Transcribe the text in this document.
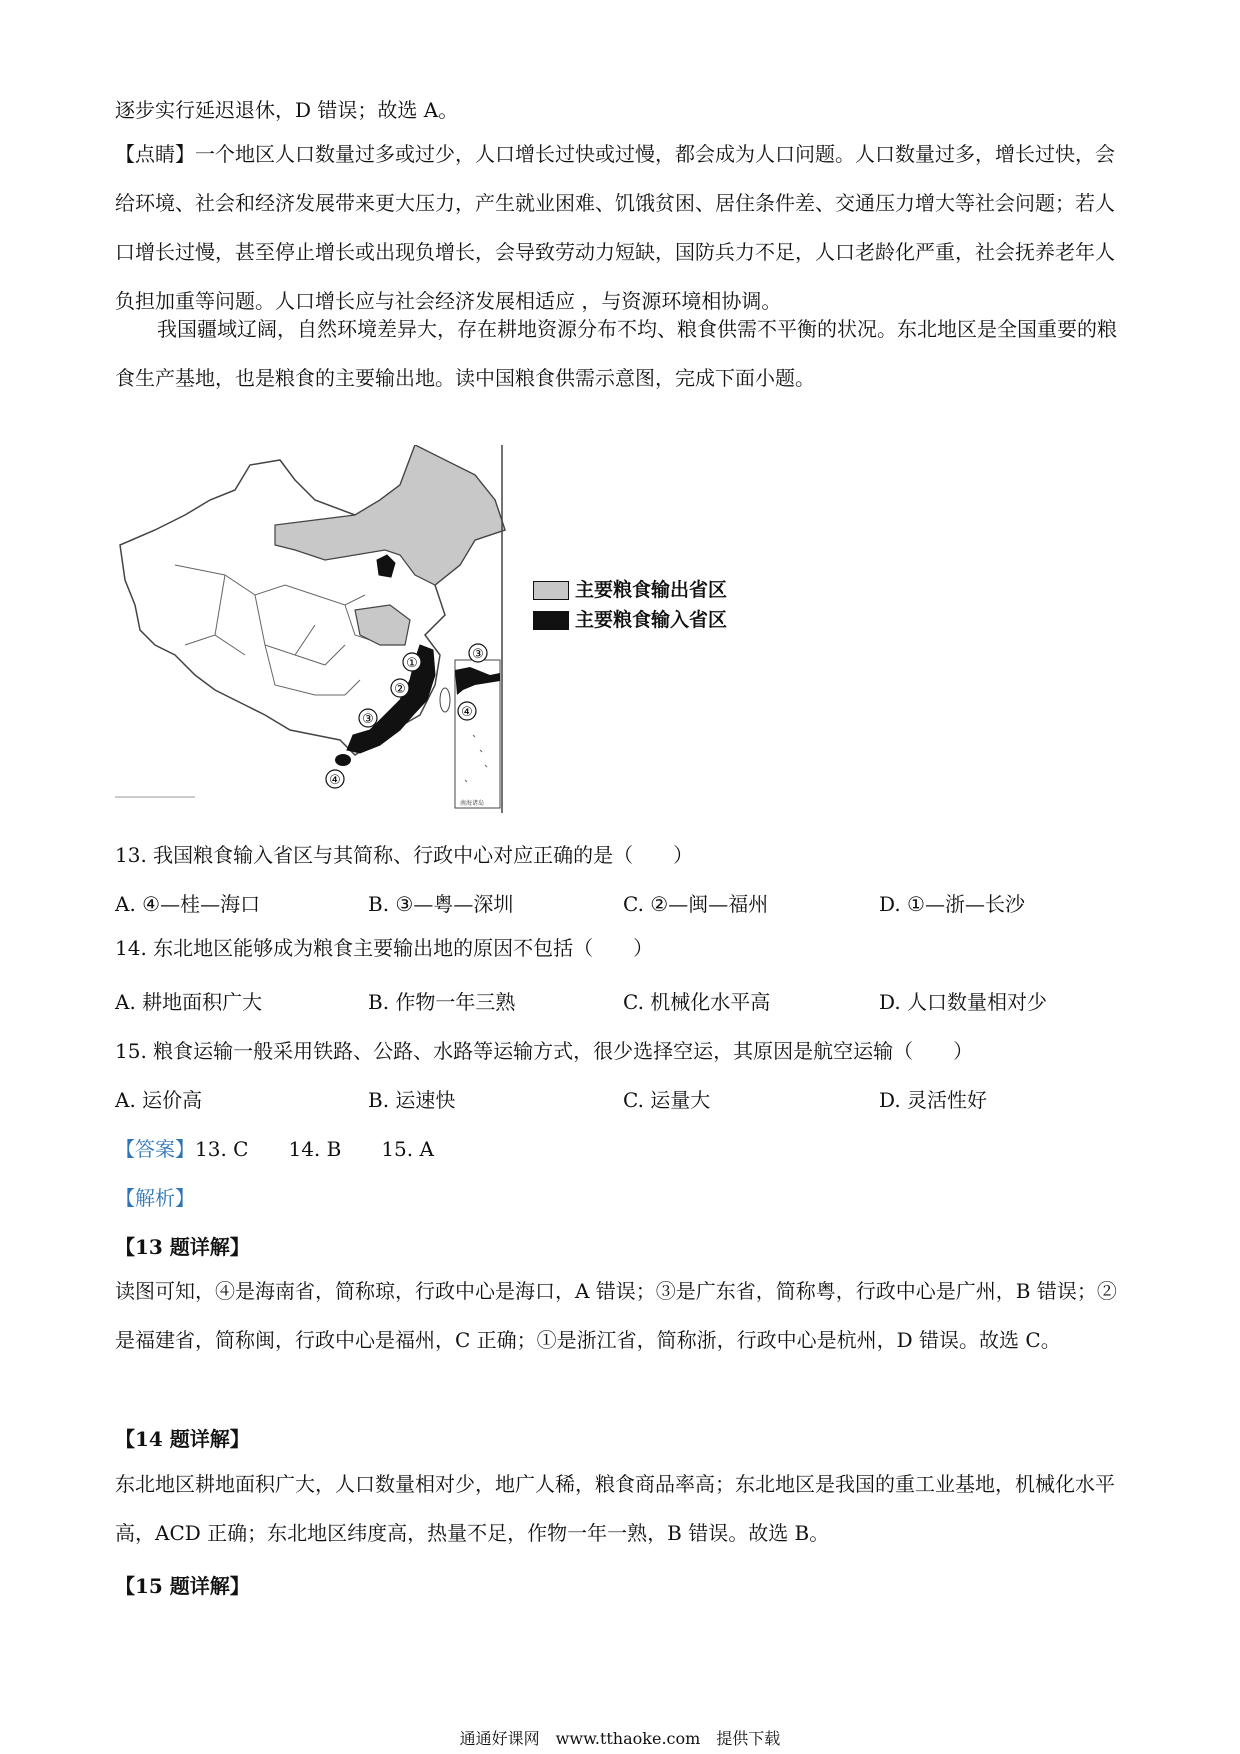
逐步实行延迟退休，D 错误；故选 A。

【点睛】一个地区人口数量过多或过少，人口增长过快或过慢，都会成为人口问题。人口数量过多，增长过快，会给环境、社会和经济发展带来更大压力，产生就业困难、饥饿贫困、居住条件差、交通压力增大等社会问题；若人口增长过慢，甚至停止增长或出现负增长，会导致劳动力短缺，国防兵力不足，人口老龄化严重，社会抚养老年人负担加重等问题。人口增长应与社会经济发展相适应 ，与资源环境相协调。

我国疆域辽阔，自然环境差异大，存在耕地资源分布不均、粮食供需不平衡的状况。东北地区是全国重要的粮食生产基地，也是粮食的主要输出地。读中国粮食供需示意图，完成下面小题。

南海诸岛
①
②
③
④
③
④
主要粮食输出省区
主要粮食输入省区
13. 我国粮食输入省区与其简称、行政中心对应正确的是（　　）
A. ④—桂—海口	B. ③—粤—深圳	C. ②—闽—福州	D. ①—浙—长沙
14. 东北地区能够成为粮食主要输出地的原因不包括（　　）
A. 耕地面积广大	B. 作物一年三熟	C. 机械化水平高	D. 人口数量相对少
15. 粮食运输一般采用铁路、公路、水路等运输方式，很少选择空运，其原因是航空运输（　　）
A. 运价高	B. 运速快	C. 运量大	D. 灵活性好
【答案】13. C　　14. B　　15. A
【解析】
【13 题详解】

读图可知，④是海南省，简称琼，行政中心是海口，A 错误；③是广东省，简称粤，行政中心是广州，B 错误；②是福建省，简称闽，行政中心是福州，C 正确；①是浙江省，简称浙，行政中心是杭州，D 错误。故选 C。

【14 题详解】

东北地区耕地面积广大，人口数量相对少，地广人稀，粮食商品率高；东北地区是我国的重工业基地，机械化水平高，ACD 正确；东北地区纬度高，热量不足，作物一年一熟，B 错误。故选 B。

【15 题详解】
通通好课网　www.tthaoke.com　提供下载
